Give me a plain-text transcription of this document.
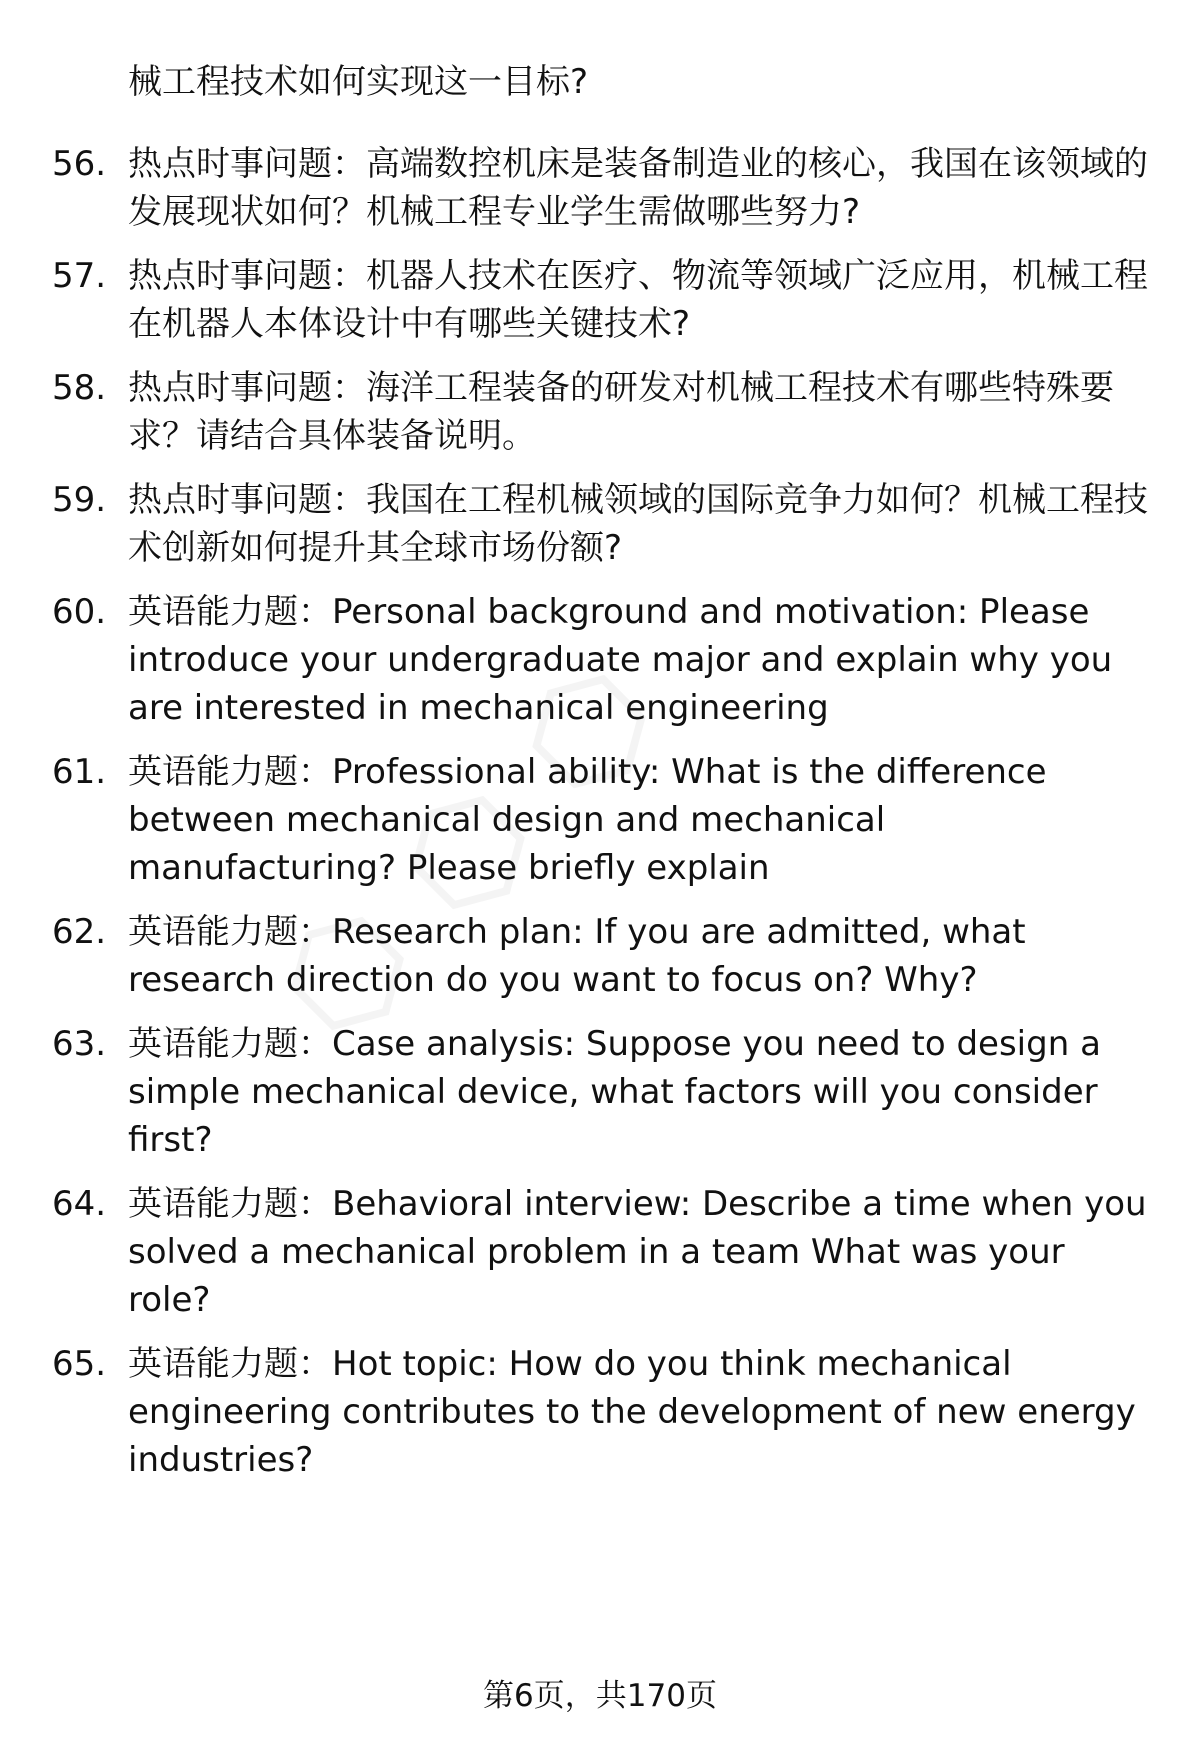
械工程技术如何实现这一目标?
56. 热点时事问题：高端数控机床是装备制造业的核心，我国在该领域的发展现状如何？机械工程专业学生需做哪些努力?
57. 热点时事问题：机器人技术在医疗、物流等领域广泛应用，机械工程在机器人本体设计中有哪些关键技术?
58. 热点时事问题：海洋工程装备的研发对机械工程技术有哪些特殊要求？请结合具体装备说明。
59. 热点时事问题：我国在工程机械领域的国际竞争力如何？机械工程技术创新如何提升其全球市场份额?
60. 英语能力题：Personal background and motivation: Please introduce your undergraduate major and explain why you are interested in mechanical engineering
61. 英语能力题：Professional ability: What is the difference between mechanical design and mechanical manufacturing? Please briefly explain
62. 英语能力题：Research plan: If you are admitted, what research direction do you want to focus on? Why?
63. 英语能力题：Case analysis: Suppose you need to design a simple mechanical device, what factors will you consider first?
64. 英语能力题：Behavioral interview: Describe a time when you solved a mechanical problem in a team What was your role?
65. 英语能力题：Hot topic: How do you think mechanical engineering contributes to the development of new energy industries?
第6页，共170页
